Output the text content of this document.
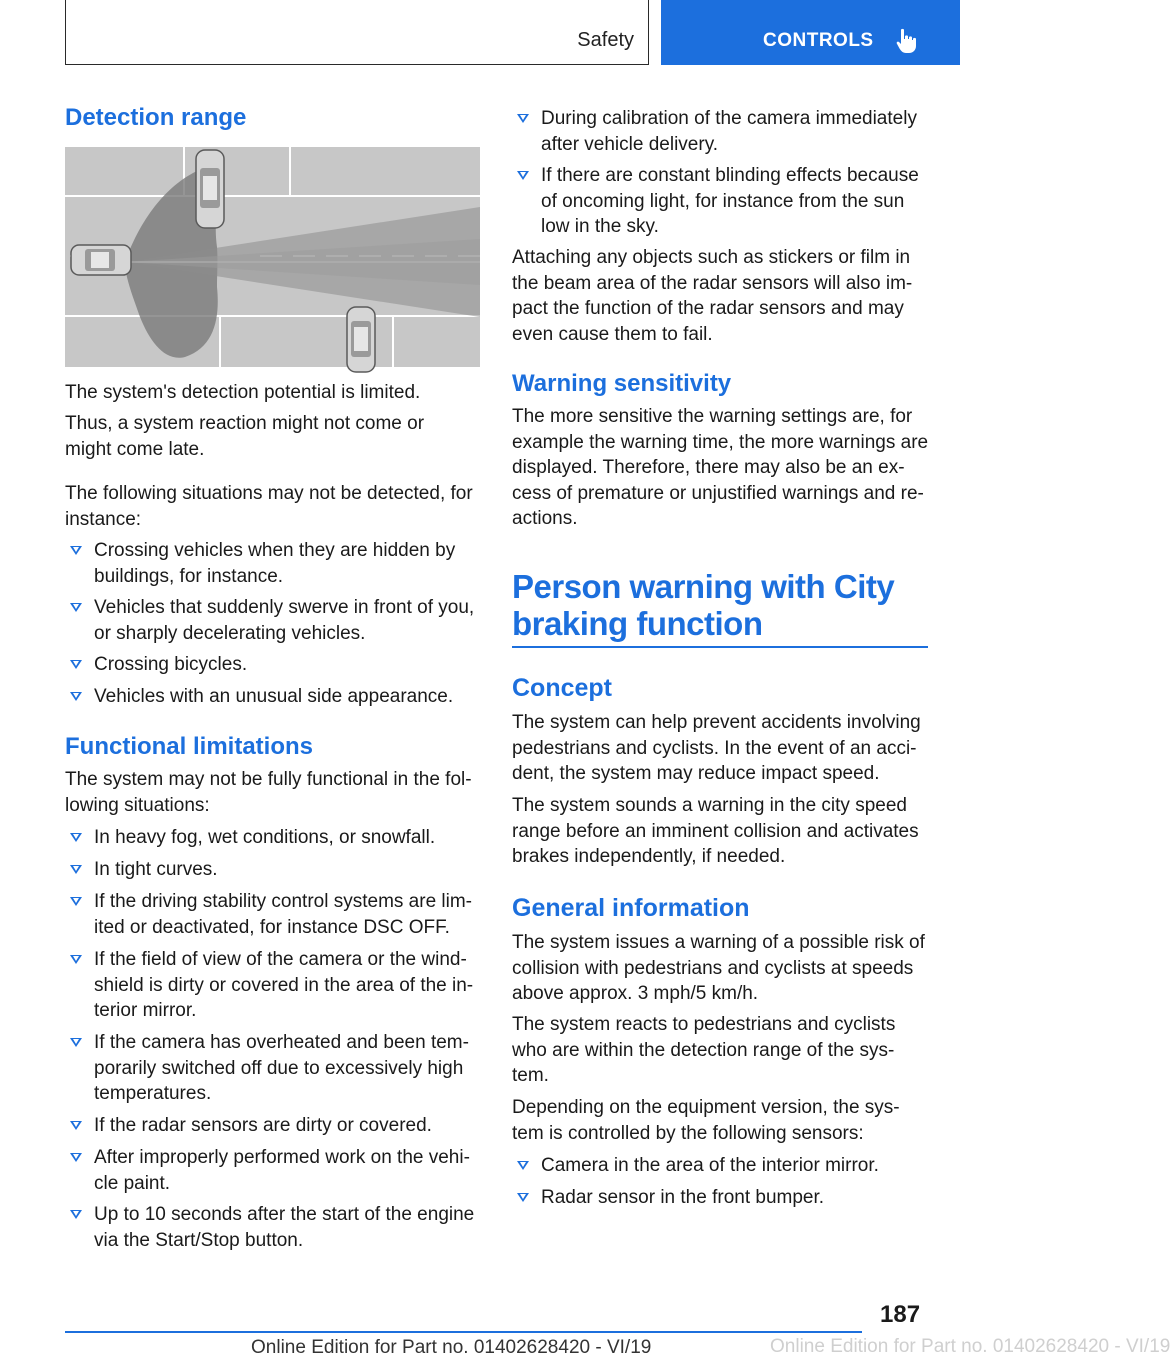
Safety	CONTROLS
Detection range
The system's detection potential is limited.
Thus, a system reaction might not come or
might come late.
The following situations may not be detected, for
instance:
Crossing vehicles when they are hidden by
buildings, for instance.
Vehicles that suddenly swerve in front of you,
or sharply decelerating vehicles.
Crossing bicycles.
Vehicles with an unusual side appearance.
Functional limitations
The system may not be fully functional in the fol-
lowing situations:
In heavy fog, wet conditions, or snowfall.
In tight curves.
If the driving stability control systems are lim-
ited or deactivated, for instance DSC OFF.
If the field of view of the camera or the wind-
shield is dirty or covered in the area of the in-
terior mirror.
If the camera has overheated and been tem-
porarily switched off due to excessively high
temperatures.
If the radar sensors are dirty or covered.
After improperly performed work on the vehi-
cle paint.
Up to 10 seconds after the start of the engine
via the Start/Stop button.
During calibration of the camera immediately
after vehicle delivery.
If there are constant blinding effects because
of oncoming light, for instance from the sun
low in the sky.
Attaching any objects such as stickers or film in
the beam area of the radar sensors will also im-
pact the function of the radar sensors and may
even cause them to fail.
Warning sensitivity
The more sensitive the warning settings are, for
example the warning time, the more warnings are
displayed. Therefore, there may also be an ex-
cess of premature or unjustified warnings and re-
actions.
Person warning with City
braking function
Concept
The system can help prevent accidents involving
pedestrians and cyclists. In the event of an acci-
dent, the system may reduce impact speed.
The system sounds a warning in the city speed
range before an imminent collision and activates
brakes independently, if needed.
General information
The system issues a warning of a possible risk of
collision with pedestrians and cyclists at speeds
above approx. 3 mph/5 km/h.
The system reacts to pedestrians and cyclists
who are within the detection range of the sys-
tem.
Depending on the equipment version, the sys-
tem is controlled by the following sensors:
Camera in the area of the interior mirror.
Radar sensor in the front bumper.
187
Online Edition for Part no. 01402628420 - VI/19	Online Edition for Part no. 01402628420 - VI/19
